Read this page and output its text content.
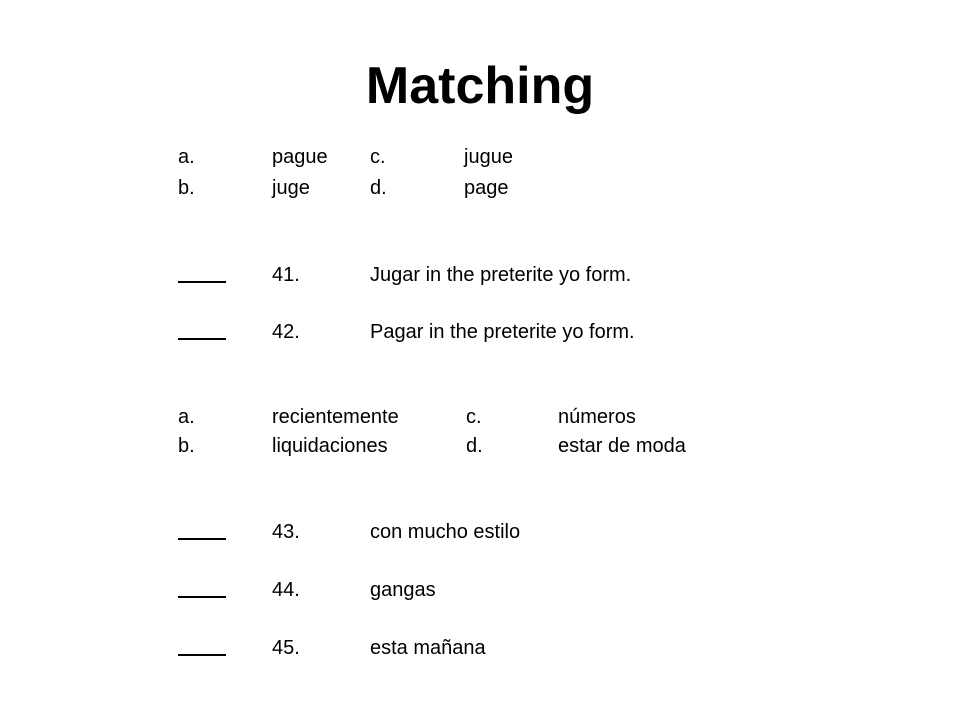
Matching
a.	pague c.	jugue
b.	juge	d.	page
41.	Jugar in the preterite yo form.
42.	Pagar in the preterite yo form.
a.	recientemente	c.	números
b.	liquidaciones	d.	estar de moda
43.	con mucho estilo
44.	gangas
45.	esta mañana
